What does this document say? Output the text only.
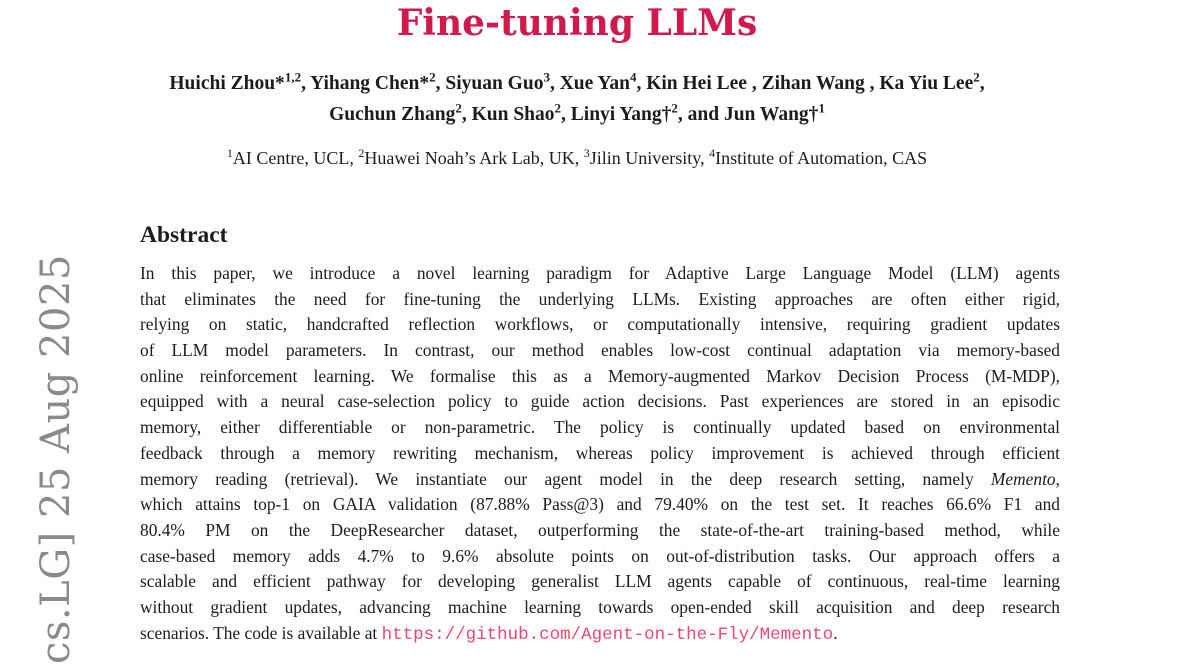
cs.LG] 25 Aug 2025
Fine-tuning LLMs
Huichi Zhou*$^{1,2}$, Yihang Chen*$^2$, Siyuan Guo$^3$, Xue Yan$^4$, Kin Hei Lee , Zihan Wang , Ka Yiu Lee$^2$,
Guchun Zhang$^2$, Kun Shao$^2$, Linyi Yang†$^2$, and Jun Wang†$^1$
$^1$AI Centre, UCL, $^2$Huawei Noah’s Ark Lab, UK, $^3$Jilin University, $^4$Institute of Automation, CAS
Abstract
In this paper, we introduce a novel learning paradigm for Adaptive Large Language Model (LLM) agents
that eliminates the need for fine-tuning the underlying LLMs. Existing approaches are often either rigid,
relying on static, handcrafted reflection workflows, or computationally intensive, requiring gradient updates
of LLM model parameters. In contrast, our method enables low-cost continual adaptation via memory-based
online reinforcement learning. We formalise this as a Memory-augmented Markov Decision Process (M-MDP),
equipped with a neural case-selection policy to guide action decisions. Past experiences are stored in an episodic
memory, either differentiable or non-parametric. The policy is continually updated based on environmental
feedback through a memory rewriting mechanism, whereas policy improvement is achieved through efficient
memory reading (retrieval). We instantiate our agent model in the deep research setting, namely Memento,
which attains top-1 on GAIA validation (87.88% Pass@3) and 79.40% on the test set. It reaches 66.6% F1 and
80.4% PM on the DeepResearcher dataset, outperforming the state-of-the-art training-based method, while
case-based memory adds 4.7% to 9.6% absolute points on out-of-distribution tasks. Our approach offers a
scalable and efficient pathway for developing generalist LLM agents capable of continuous, real-time learning
without gradient updates, advancing machine learning towards open-ended skill acquisition and deep research
scenarios. The code is available at https://github.com/Agent-on-the-Fly/Memento.
